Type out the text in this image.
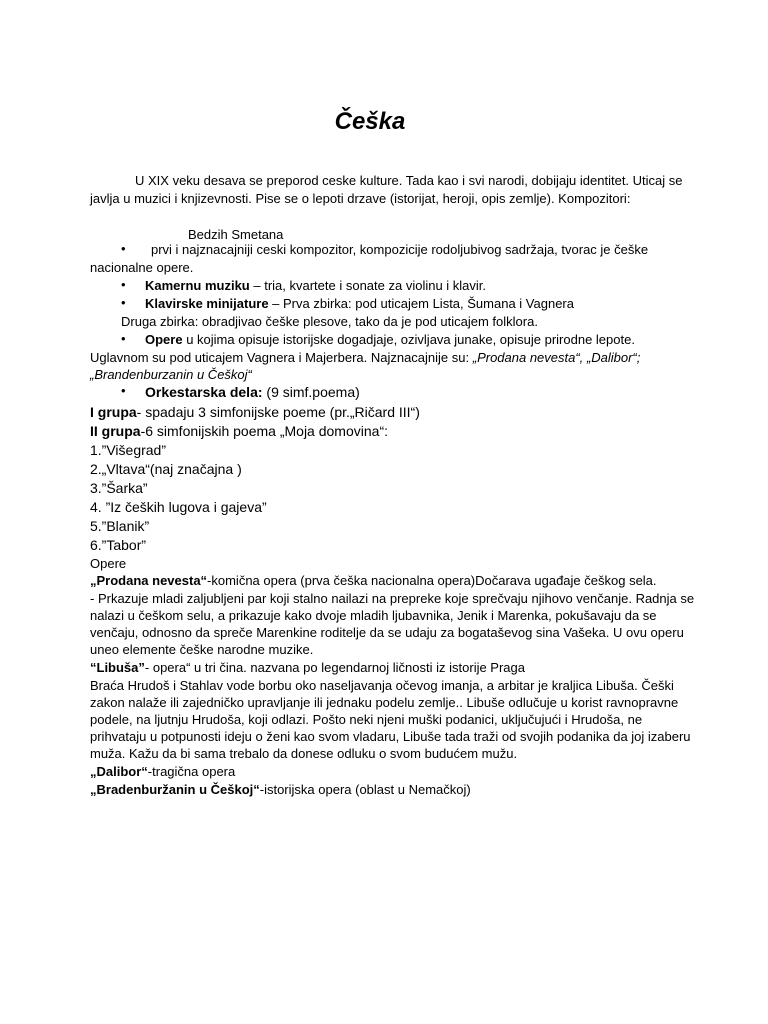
Češka
U XIX veku desava se preporod ceske kulture. Tada kao i svi narodi, dobijaju identitet. Uticaj se
javlja u muzici i knjizevnosti. Pise se o lepoti drzave (istorijat, heroji, opis zemlje). Kompozitori:
Bedzih Smetana
• prvi i najznacajniji ceski kompozitor, kompozicije rodoljubivog sadržaja, tvorac je češke
nacionalne opere.
• Kamernu muziku – tria, kvartete i sonate za violinu i klavir.
• Klavirske minijature – Prva zbirka: pod uticajem Lista, Šumana i Vagnera
Druga zbirka: obradjivao češke plesove, tako da je pod uticajem folklora.
• Opere u kojima opisuje istorijske dogadjaje, ozivljava junake, opisuje prirodne lepote.
Uglavnom su pod uticajem Vagnera i Majerbera. Najznacajnije su: „Prodana nevesta“, „Dalibor“;
„Brandenburzanin u Češkoj“
• Orkestarska dela: (9 simf.poema)
I grupa- spadaju 3 simfonijske poeme (pr.„Ričard III“)
II grupa-6 simfonijskih poema „Moja domovina“:
1.”Višegrad”
2.„Vltava“(naj značajna )
3.”Šarka”
4. ”Iz čeških lugova i gajeva”
5.”Blanik”
6.”Tabor”
Opere
„Prodana nevesta“-komična opera (prva češka nacionalna opera)Dočarava ugađaje češkog sela.
- Prkazuje mladi zaljubljeni par koji stalno nailazi na prepreke koje sprečvaju njihovo venčanje. Radnja se
nalazi u češkom selu, a prikazuje kako dvoje mladih ljubavnika, Jenik i Marenka, pokušavaju da se
venčaju, odnosno da spreče Marenkine roditelje da se udaju za bogataševog sina Vašeka. U ovu operu
uneo elemente češke narodne muzike.
“Libuša”- opera“ u tri čina. nazvana po legendarnoj ličnosti iz istorije Praga
Braća Hrudoš i Stahlav vode borbu oko naseljavanja očevog imanja, a arbitar je kraljica Libuša. Češki
zakon nalaže ili zajedničko upravljanje ili jednaku podelu zemlje.. Libuše odlučuje u korist ravnopravne
podele, na ljutnju Hrudoša, koji odlazi. Pošto neki njeni muški podanici, uključujući i Hrudoša, ne
prihvataju u potpunosti ideju o ženi kao svom vladaru, Libuše tada traži od svojih podanika da joj izaberu
muža. Kažu da bi sama trebalo da donese odluku o svom budućem mužu.
„Dalibor“-tragična opera
„Bradenburžanin u Češkoj“-istorijska opera (oblast u Nemačkoj)
